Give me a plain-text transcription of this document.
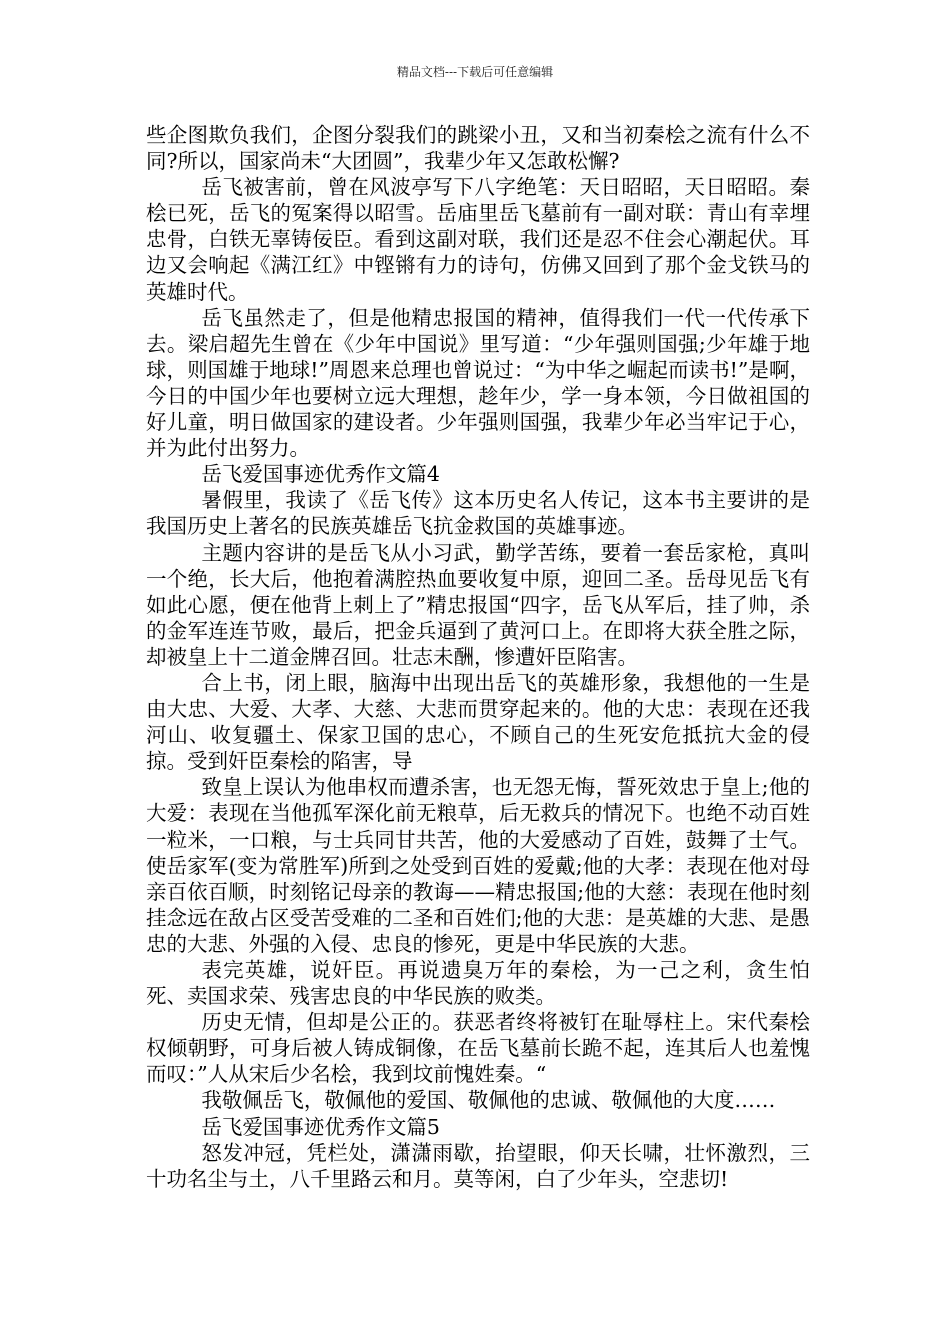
精品文档---下载后可任意编辑

些企图欺负我们，企图分裂我们的跳梁小丑，又和当初秦桧之流有什么不同?所以，国家尚未“大团圆”，我辈少年又怎敢松懈?

岳飞被害前，曾在风波亭写下八字绝笔：天日昭昭，天日昭昭。秦桧已死，岳飞的冤案得以昭雪。岳庙里岳飞墓前有一副对联：青山有幸埋忠骨，白铁无辜铸佞臣。看到这副对联，我们还是忍不住会心潮起伏。耳边又会响起《满江红》中铿锵有力的诗句，仿佛又回到了那个金戈铁马的英雄时代。

岳飞虽然走了，但是他精忠报国的精神，值得我们一代一代传承下去。梁启超先生曾在《少年中国说》里写道：“少年强则国强;少年雄于地球，则国雄于地球!”周恩来总理也曾说过：“为中华之崛起而读书!”是啊，今日的中国少年也要树立远大理想，趁年少，学一身本领，今日做祖国的好儿童，明日做国家的建设者。少年强则国强，我辈少年必当牢记于心，并为此付出努力。

岳飞爱国事迹优秀作文篇4

暑假里，我读了《岳飞传》这本历史名人传记，这本书主要讲的是我国历史上著名的民族英雄岳飞抗金救国的英雄事迹。

主题内容讲的是岳飞从小习武，勤学苦练，要着一套岳家枪，真叫一个绝，长大后，他抱着满腔热血要收复中原，迎回二圣。岳母见岳飞有如此心愿，便在他背上刺上了”精忠报国“四字，岳飞从军后，挂了帅，杀的金军连连节败，最后，把金兵逼到了黄河口上。在即将大获全胜之际，却被皇上十二道金牌召回。壮志未酬，惨遭奸臣陷害。

合上书，闭上眼，脑海中出现出岳飞的英雄形象，我想他的一生是由大忠、大爱、大孝、大慈、大悲而贯穿起来的。他的大忠：表现在还我河山、收复疆土、保家卫国的忠心，不顾自己的生死安危抵抗大金的侵掠。受到奸臣秦桧的陷害，导

致皇上误认为他串权而遭杀害，也无怨无悔，誓死效忠于皇上;他的大爱：表现在当他孤军深化前无粮草，后无救兵的情况下。也绝不动百姓一粒米，一口粮，与士兵同甘共苦，他的大爱感动了百姓，鼓舞了士气。使岳家军(变为常胜军)所到之处受到百姓的爱戴;他的大孝：表现在他对母亲百依百顺，时刻铭记母亲的教诲——精忠报国;他的大慈：表现在他时刻挂念远在敌占区受苦受难的二圣和百姓们;他的大悲：是英雄的大悲、是愚忠的大悲、外强的入侵、忠良的惨死，更是中华民族的大悲。

表完英雄，说奸臣。再说遗臭万年的秦桧，为一己之利，贪生怕死、卖国求荣、残害忠良的中华民族的败类。

历史无情，但却是公正的。获恶者终将被钉在耻辱柱上。宋代秦桧权倾朝野，可身后被人铸成铜像，在岳飞墓前长跪不起，连其后人也羞愧而叹：”人从宋后少名桧，我到坟前愧姓秦。“

我敬佩岳飞，敬佩他的爱国、敬佩他的忠诚、敬佩他的大度……

岳飞爱国事迹优秀作文篇5

怒发冲冠，凭栏处，潇潇雨歇，抬望眼，仰天长啸，壮怀激烈，三十功名尘与土，八千里路云和月。莫等闲，白了少年头，空悲切!
